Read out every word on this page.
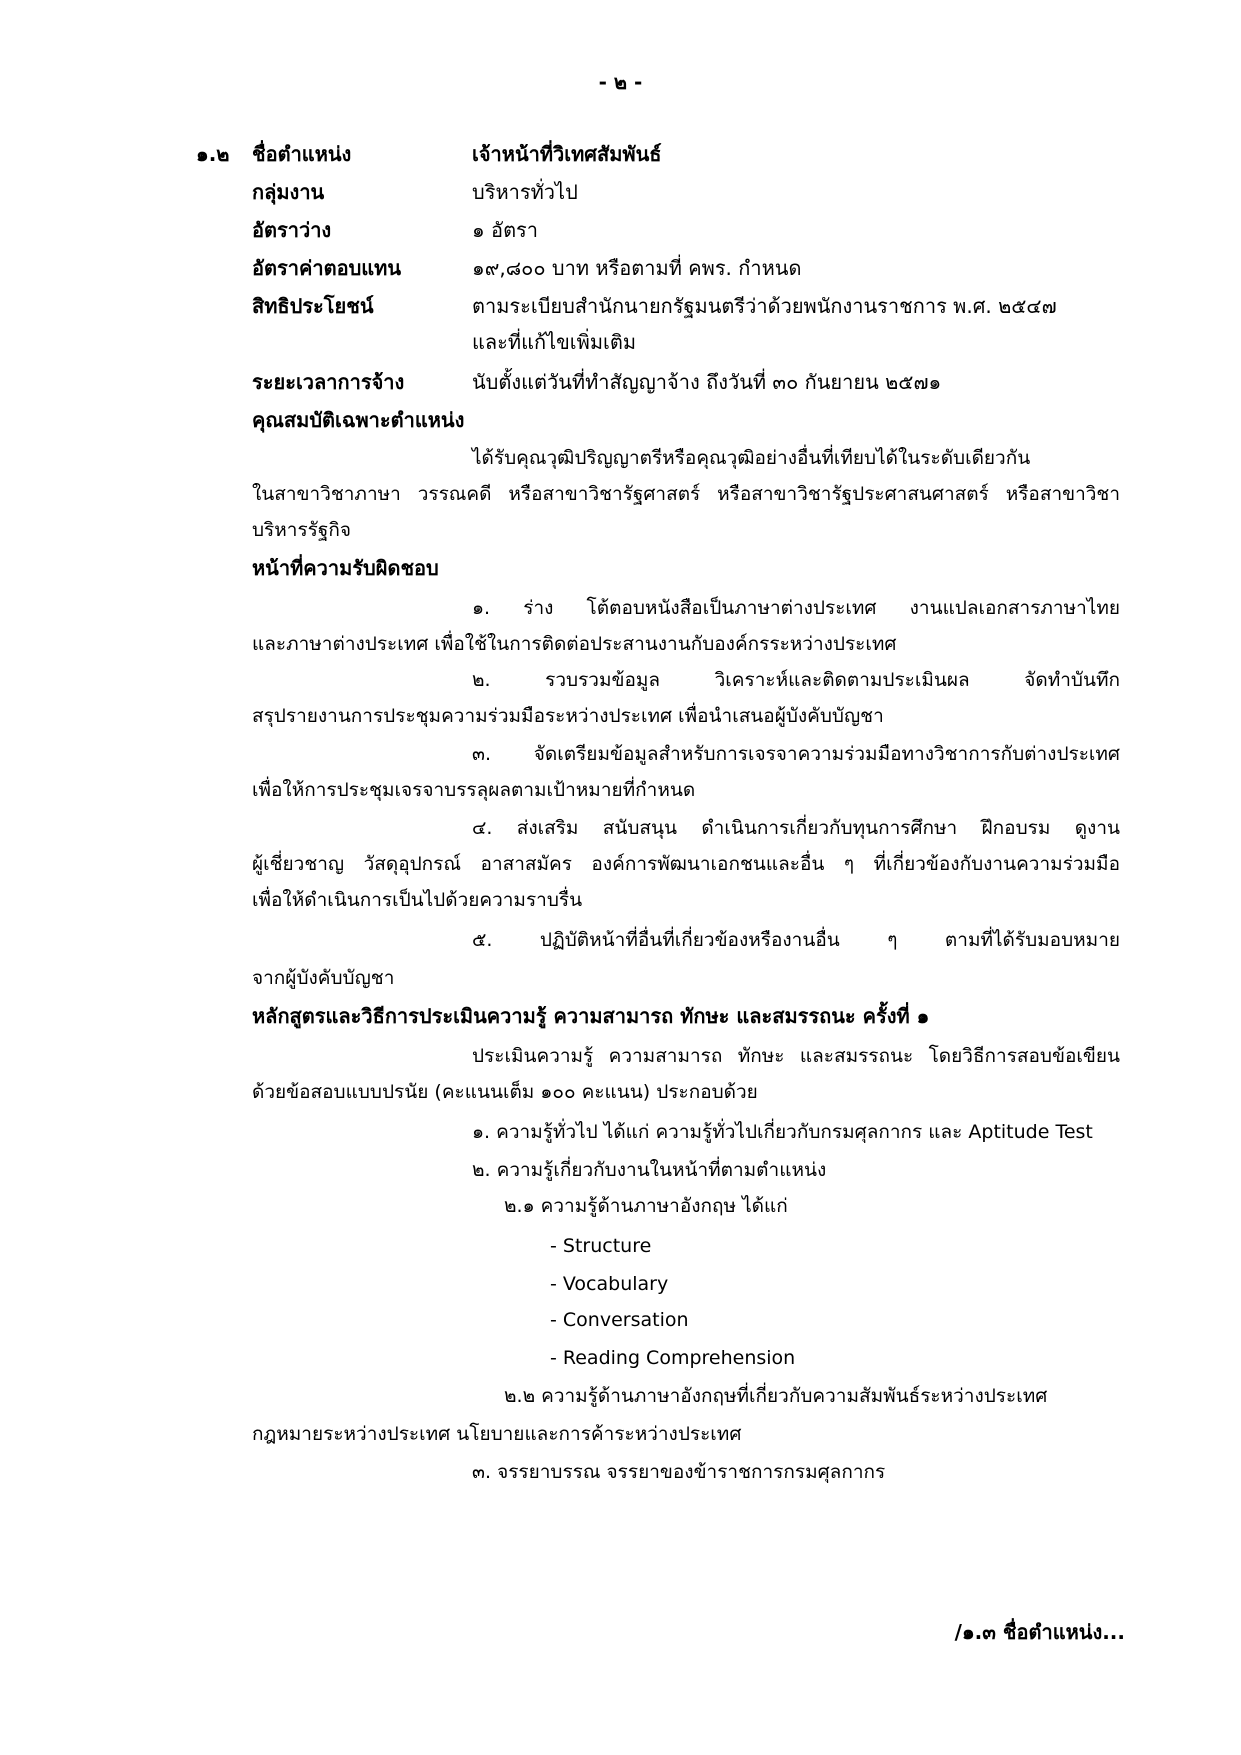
- ๒ -
๑.๒ ชื่อตำแหน่ง	เจ้าหน้าที่วิเทศสัมพันธ์
กลุ่มงาน	บริหารทั่วไป
อัตราว่าง	๑ อัตรา
อัตราค่าตอบแทน	๑๙,๘๐๐ บาท หรือตามที่ คพร. กำหนด
สิทธิประโยชน์	ตามระเบียบสำนักนายกรัฐมนตรีว่าด้วยพนักงานราชการ พ.ศ. ๒๕๔๗
และที่แก้ไขเพิ่มเติม
ระยะเวลาการจ้าง	นับตั้งแต่วันที่ทำสัญญาจ้าง ถึงวันที่ ๓๐ กันยายน ๒๕๗๑
คุณสมบัติเฉพาะตำแหน่ง
ได้รับคุณวุฒิปริญญาตรีหรือคุณวุฒิอย่างอื่นที่เทียบได้ในระดับเดียวกัน
ในสาขาวิชาภาษา วรรณคดี หรือสาขาวิชารัฐศาสตร์ หรือสาขาวิชารัฐประศาสนศาสตร์ หรือสาขาวิชา
บริหารรัฐกิจ
หน้าที่ความรับผิดชอบ
๑. ร่าง โต้ตอบหนังสือเป็นภาษาต่างประเทศ งานแปลเอกสารภาษาไทย
และภาษาต่างประเทศ เพื่อใช้ในการติดต่อประสานงานกับองค์กรระหว่างประเทศ
๒. รวบรวมข้อมูล วิเคราะห์และติดตามประเมินผล จัดทำบันทึก
สรุปรายงานการประชุมความร่วมมือระหว่างประเทศ เพื่อนำเสนอผู้บังคับบัญชา
๓. จัดเตรียมข้อมูลสำหรับการเจรจาความร่วมมือทางวิชาการกับต่างประเทศ
เพื่อให้การประชุมเจรจาบรรลุผลตามเป้าหมายที่กำหนด
๔. ส่งเสริม สนับสนุน ดำเนินการเกี่ยวกับทุนการศึกษา ฝึกอบรม ดูงาน
ผู้เชี่ยวชาญ วัสดุอุปกรณ์ อาสาสมัคร องค์การพัฒนาเอกชนและอื่น ๆ ที่เกี่ยวข้องกับงานความร่วมมือ
เพื่อให้ดำเนินการเป็นไปด้วยความราบรื่น
๕. ปฏิบัติหน้าที่อื่นที่เกี่ยวข้องหรืองานอื่น ๆ ตามที่ได้รับมอบหมาย
จากผู้บังคับบัญชา
หลักสูตรและวิธีการประเมินความรู้ ความสามารถ ทักษะ และสมรรถนะ ครั้งที่ ๑
ประเมินความรู้ ความสามารถ ทักษะ และสมรรถนะ โดยวิธีการสอบข้อเขียน
ด้วยข้อสอบแบบปรนัย (คะแนนเต็ม ๑๐๐ คะแนน) ประกอบด้วย
๑. ความรู้ทั่วไป ได้แก่ ความรู้ทั่วไปเกี่ยวกับกรมศุลกากร และ Aptitude Test
๒. ความรู้เกี่ยวกับงานในหน้าที่ตามตำแหน่ง
๒.๑ ความรู้ด้านภาษาอังกฤษ ได้แก่
- Structure
- Vocabulary
- Conversation
- Reading Comprehension
๒.๒ ความรู้ด้านภาษาอังกฤษที่เกี่ยวกับความสัมพันธ์ระหว่างประเทศ
กฎหมายระหว่างประเทศ นโยบายและการค้าระหว่างประเทศ
๓. จรรยาบรรณ จรรยาของข้าราชการกรมศุลกากร
/๑.๓ ชื่อตำแหน่ง...
